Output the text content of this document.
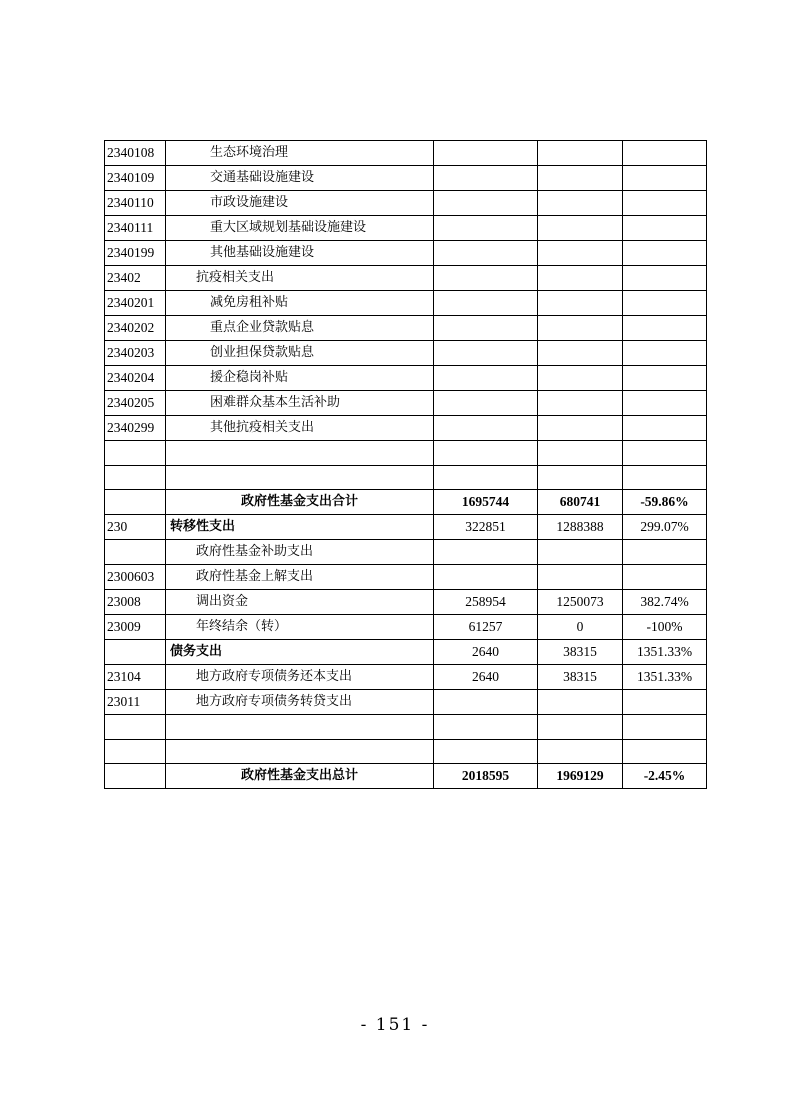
2340108	生态环境治理			
2340109	交通基础设施建设			
2340110	市政设施建设			
2340111	重大区域规划基础设施建设			
2340199	其他基础设施建设			
23402	抗疫相关支出			
2340201	减免房租补贴			
2340202	重点企业贷款贴息			
2340203	创业担保贷款贴息			
2340204	援企稳岗补贴			
2340205	困难群众基本生活补助			
2340299	其他抗疫相关支出			

	政府性基金支出合计	1695744	680741	-59.86%
230	转移性支出	322851	1288388	299.07%
	政府性基金补助支出			
2300603	政府性基金上解支出			
23008	调出资金	258954	1250073	382.74%
23009	年终结余（转）	61257	0	-100%
	债务支出	2640	38315	1351.33%
23104	地方政府专项债务还本支出	2640	38315	1351.33%
23011	地方政府专项债务转贷支出			

	政府性基金支出总计	2018595	1969129	-2.45%
- 151 -
